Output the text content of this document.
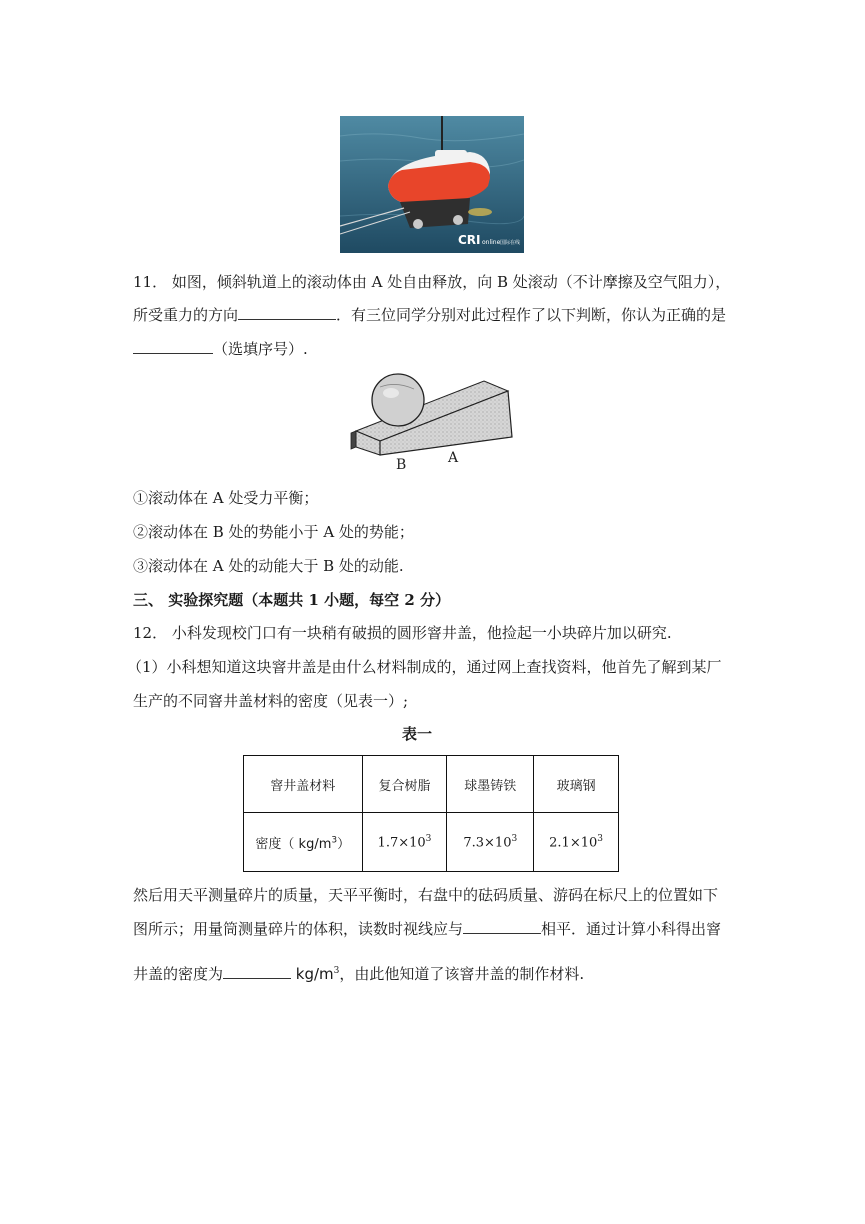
CRI online 国际在线
11． 如图，倾斜轨道上的滚动体由 A 处自由释放，向 B 处滚动（不计摩擦及空气阻力），
所受重力的方向	．有三位同学分别对此过程作了以下判断，你认为正确的是
（选填序号）.
B	A
①滚动体在 A 处受力平衡；
②滚动体在 B 处的势能小于 A 处的势能；
③滚动体在 A 处的动能大于 B 处的动能.
三、 实验探究题（本题共 1 小题，每空 2 分）
12． 小科发现校门口有一块稍有破损的圆形窨井盖，他捡起一小块碎片加以研究.
（1）小科想知道这块窨井盖是由什么材料制成的，通过网上查找资料，他首先了解到某厂
生产的不同窨井盖材料的密度（见表一）;
表一
窨井盖材料	复合树脂	球墨铸铁	玻璃钢
密度（ $kg/m^3$）	$1.7\times 10^3$	$7.3\times 10^3$	$2.1\times 10^3$
然后用天平测量碎片的质量，天平平衡时，右盘中的砝码质量、游码在标尺上的位置如下
图所示；用量筒测量碎片的体积，读数时视线应与	相平．通过计算小科得出窨
井盖的密度为	$kg/m^3$，由此他知道了该窨井盖的制作材料.
